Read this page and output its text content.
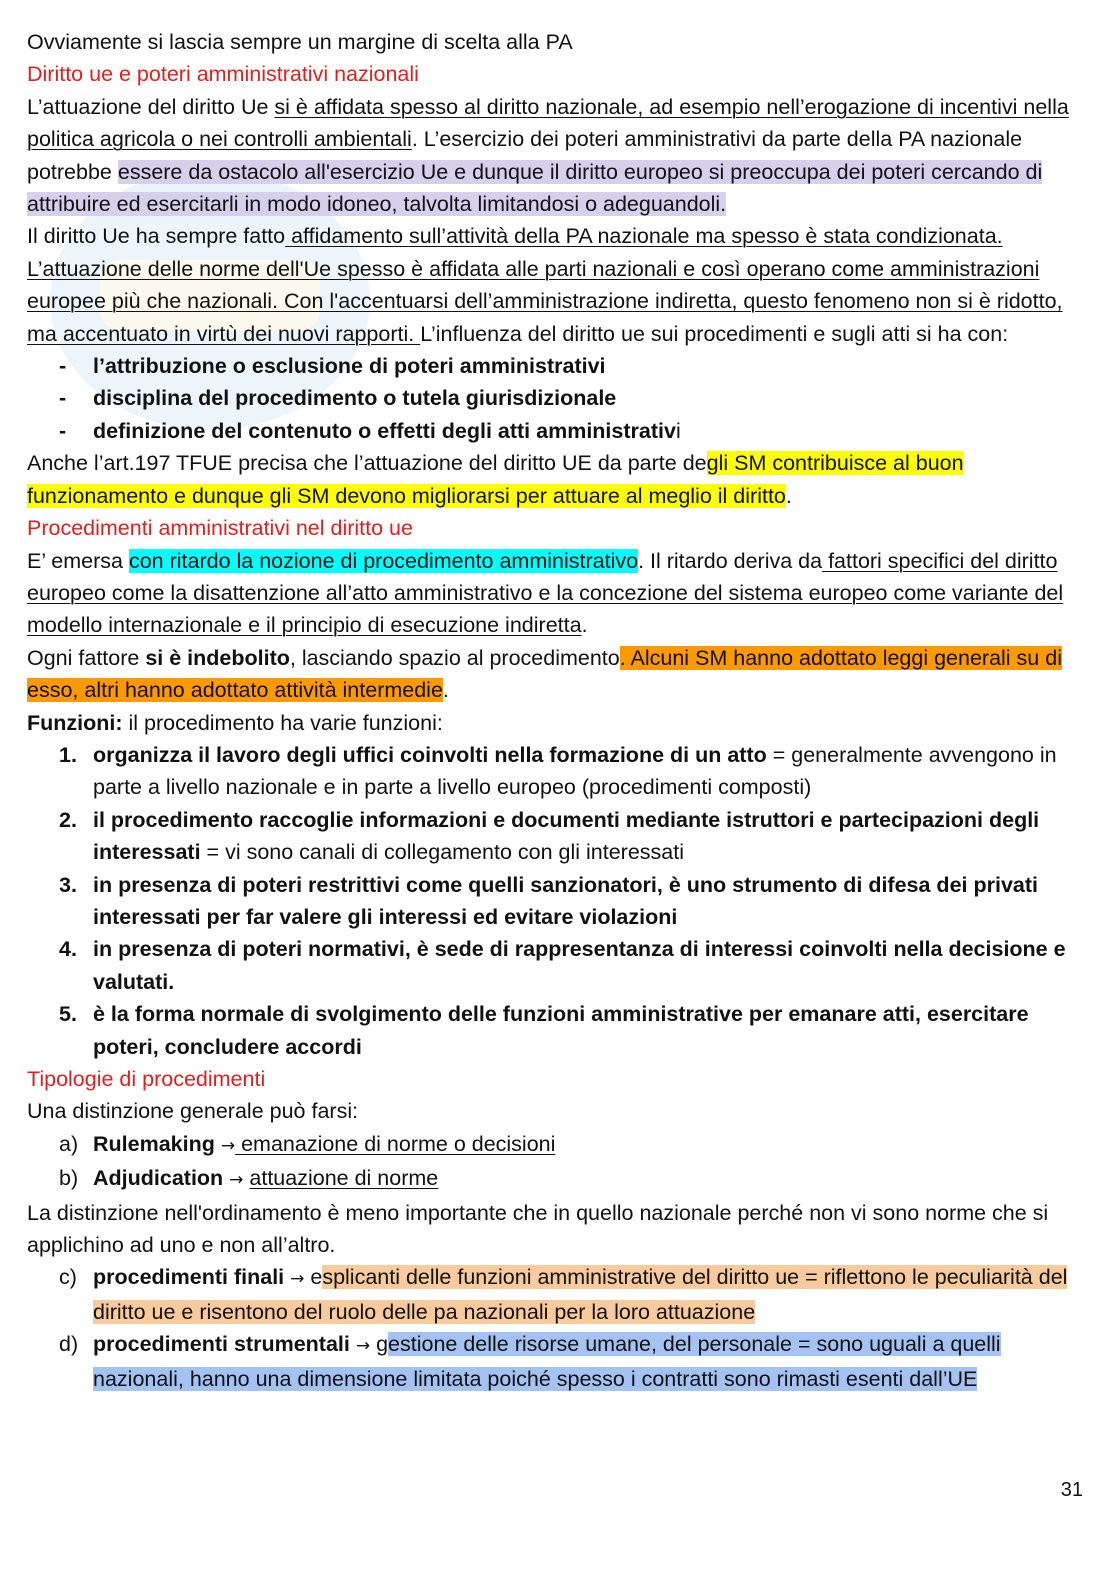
Ovviamente si lascia sempre un margine di scelta alla PA

Diritto ue e poteri amministrativi nazionali

L’attuazione del diritto Ue si è affidata spesso al diritto nazionale, ad esempio nell’erogazione di incentivi nella politica agricola o nei controlli ambientali. L’esercizio dei poteri amministrativi da parte della PA nazionale potrebbe essere da ostacolo all'esercizio Ue e dunque il diritto europeo si preoccupa dei poteri cercando di attribuire ed esercitarli in modo idoneo, talvolta limitandosi o adeguandoli.

Il diritto Ue ha sempre fatto affidamento sull’attività della PA nazionale ma spesso è stata condizionata. L’attuazione delle norme dell'Ue spesso è affidata alle parti nazionali e così operano come amministrazioni europee più che nazionali. Con l'accentuarsi dell’amministrazione indiretta, questo fenomeno non si è ridotto, ma accentuato in virtù dei nuovi rapporti. L’influenza del diritto ue sui procedimenti e sugli atti si ha con:

- l’attribuzione o esclusione di poteri amministrativi
- disciplina del procedimento o tutela giurisdizionale
- definizione del contenuto o effetti degli atti amministrativi

Anche l’art.197 TFUE precisa che l’attuazione del diritto UE da parte degli SM contribuisce al buon funzionamento e dunque gli SM devono migliorarsi per attuare al meglio il diritto.

Procedimenti amministrativi nel diritto ue

E’ emersa con ritardo la nozione di procedimento amministrativo. Il ritardo deriva da fattori specifici del diritto europeo come la disattenzione all’atto amministrativo e la concezione del sistema europeo come variante del modello internazionale e il principio di esecuzione indiretta.

Ogni fattore si è indebolito, lasciando spazio al procedimento. Alcuni SM hanno adottato leggi generali su di esso, altri hanno adottato attività intermedie.

Funzioni: il procedimento ha varie funzioni:

1. organizza il lavoro degli uffici coinvolti nella formazione di un atto = generalmente avvengono in parte a livello nazionale e in parte a livello europeo (procedimenti composti)
2. il procedimento raccoglie informazioni e documenti mediante istruttori e partecipazioni degli interessati = vi sono canali di collegamento con gli interessati
3. in presenza di poteri restrittivi come quelli sanzionatori, è uno strumento di difesa dei privati interessati per far valere gli interessi ed evitare violazioni
4. in presenza di poteri normativi, è sede di rappresentanza di interessi coinvolti nella decisione e valutati.
5. è la forma normale di svolgimento delle funzioni amministrative per emanare atti, esercitare poteri, concludere accordi

Tipologie di procedimenti

Una distinzione generale può farsi:

a) Rulemaking → emanazione di norme o decisioni
b) Adjudication → attuazione di norme

La distinzione nell'ordinamento è meno importante che in quello nazionale perché non vi sono norme che si applichino ad uno e non all’altro.

c) procedimenti finali → esplicanti delle funzioni amministrative del diritto ue = riflettono le peculiarità del diritto ue e risentono del ruolo delle pa nazionali per la loro attuazione
d) procedimenti strumentali → gestione delle risorse umane, del personale = sono uguali a quelli nazionali, hanno una dimensione limitata poiché spesso i contratti sono rimasti esenti dall’UE
31
